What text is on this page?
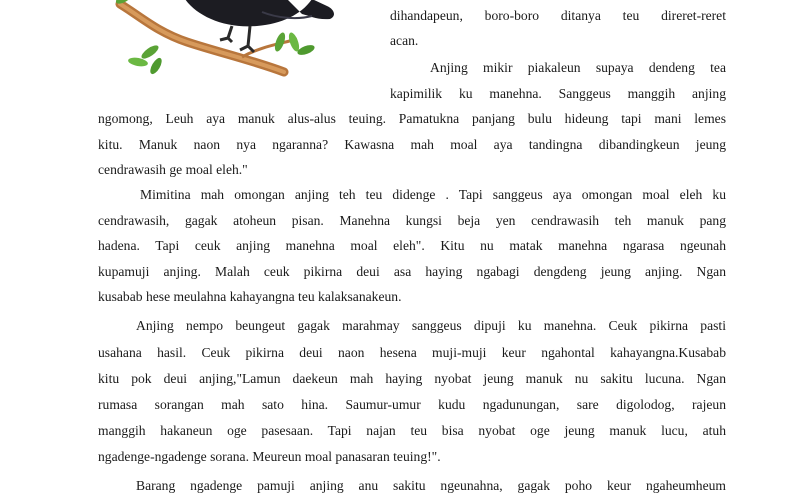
dihandapeun, boro-boro ditanya teu direret-reret
acan.
Anjing mikir piakaleun supaya dendeng tea
kapimilik ku manehna. Sanggeus manggih anjing
ngomong, Leuh aya manuk alus-alus teuing. Pamatukna panjang bulu hideung tapi mani lemes
kitu. Manuk naon nya ngaranna? Kawasna mah moal aya tandingna dibandingkeun jeung
cendrawasih ge moal eleh."
Mimitina mah omongan anjing teh teu didenge . Tapi sanggeus aya omongan moal eleh ku
cendrawasih, gagak atoheun pisan. Manehna kungsi beja yen cendrawasih teh manuk pang
hadena. Tapi ceuk anjing manehna moal eleh". Kitu nu matak manehna ngarasa ngeunah
kupamuji anjing. Malah ceuk pikirna deui asa haying ngabagi dengdeng jeung anjing. Ngan
kusabab hese meulahna kahayangna teu kalaksanakeun.
Anjing nempo beungeut gagak marahmay sanggeus dipuji ku manehna. Ceuk pikirna pasti
usahana hasil. Ceuk pikirna deui naon hesena muji-muji keur ngahontal kahayangna.Kusabab
kitu pok deui anjing,"Lamun daekeun mah haying nyobat jeung manuk nu sakitu lucuna. Ngan
rumasa sorangan mah sato hina. Saumur-umur kudu ngadunungan, sare digolodog, rajeun
manggih hakaneun oge pasesaan. Tapi najan teu bisa nyobat oge jeung manuk lucu, atuh
ngadenge-ngadenge sorana. Meureun moal panasaran teuing!".
Barang ngadenge pamuji anjing anu sakitu ngeunahna, gagak poho keur ngaheumheum
